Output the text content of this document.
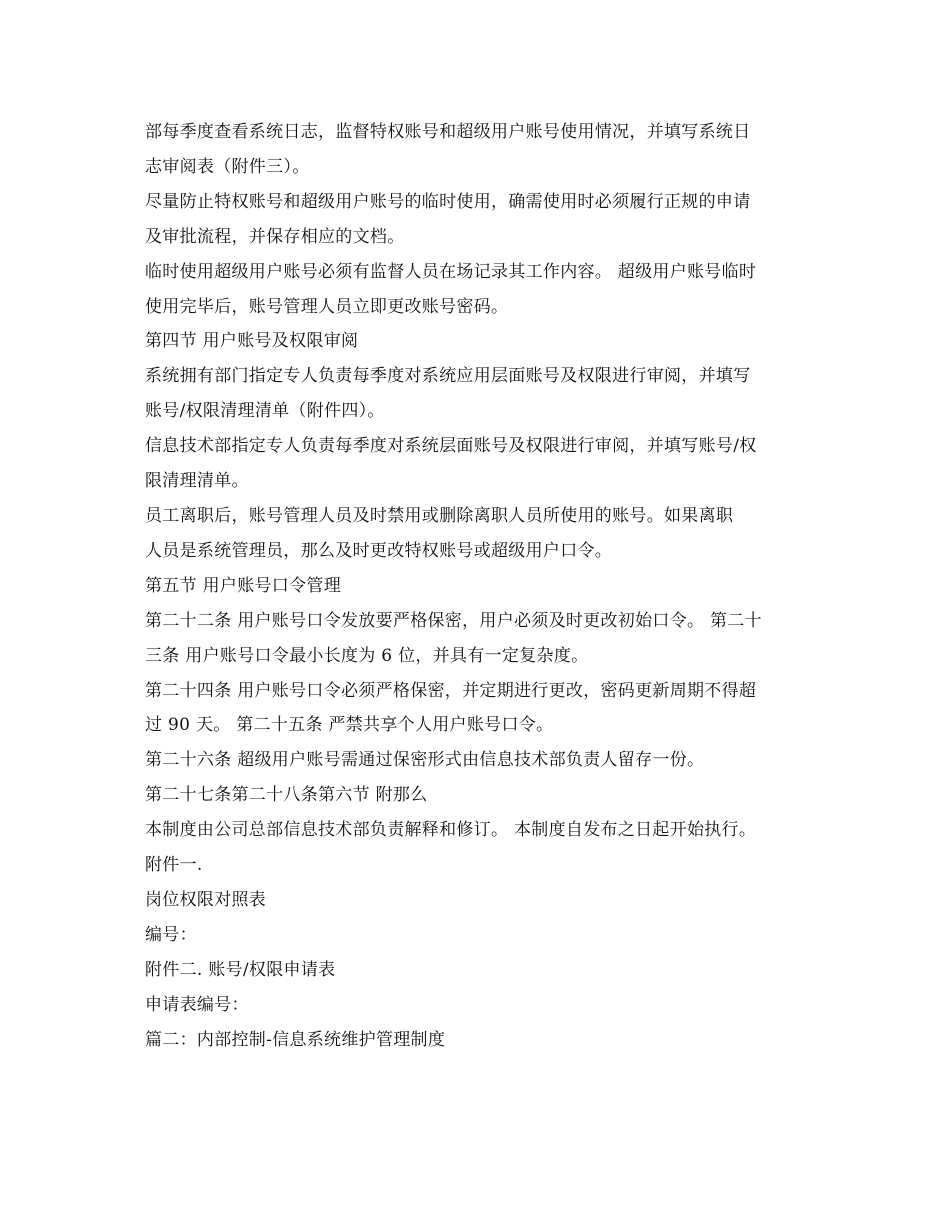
部每季度查看系统日志，监督特权账号和超级用户账号使用情况，并填写系统日
志审阅表（附件三）。
尽量防止特权账号和超级用户账号的临时使用，确需使用时必须履行正规的申请
及审批流程，并保存相应的文档。
临时使用超级用户账号必须有监督人员在场记录其工作内容。 超级用户账号临时
使用完毕后，账号管理人员立即更改账号密码。
第四节 用户账号及权限审阅
系统拥有部门指定专人负责每季度对系统应用层面账号及权限进行审阅，并填写
账号/权限清理清单（附件四）。
信息技术部指定专人负责每季度对系统层面账号及权限进行审阅，并填写账号/权
限清理清单。
员工离职后，账号管理人员及时禁用或删除离职人员所使用的账号。如果离职
人员是系统管理员，那么及时更改特权账号或超级用户口令。
第五节 用户账号口令管理
第二十二条 用户账号口令发放要严格保密，用户必须及时更改初始口令。 第二十
三条 用户账号口令最小长度为 6 位，并具有一定复杂度。
第二十四条 用户账号口令必须严格保密，并定期进行更改，密码更新周期不得超
过 90 天。 第二十五条 严禁共享个人用户账号口令。
第二十六条 超级用户账号需通过保密形式由信息技术部负责人留存一份。
第二十七条第二十八条第六节 附那么
本制度由公司总部信息技术部负责解释和修订。 本制度自发布之日起开始执行。
附件一.
岗位权限对照表
编号：
附件二. 账号/权限申请表
申请表编号：
篇二：内部控制-信息系统维护管理制度
